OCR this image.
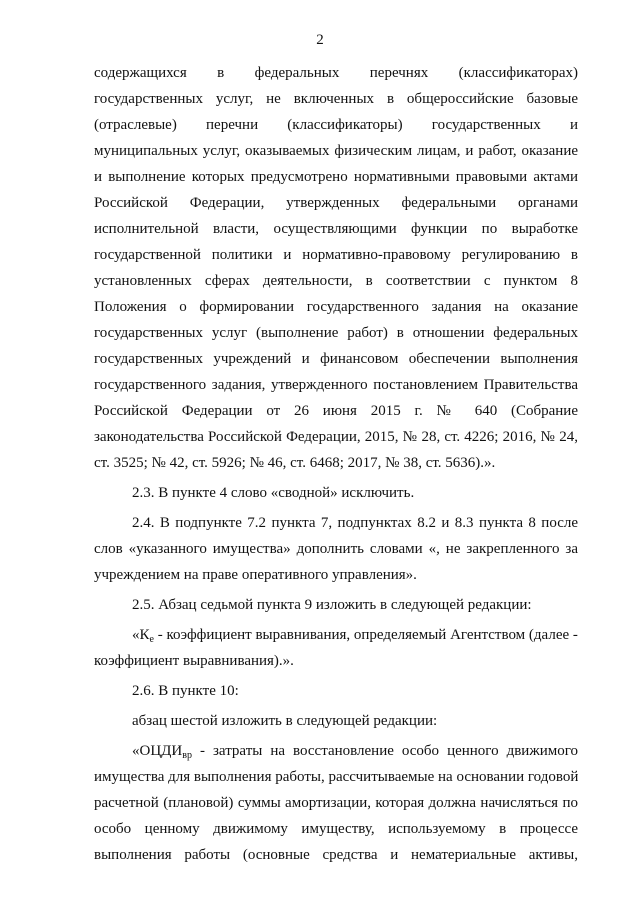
2
содержащихся в федеральных перечнях (классификаторах)
государственных услуг, не включенных в общероссийские базовые
(отраслевые) перечни (классификаторы) государственных и
муниципальных услуг, оказываемых физическим лицам, и работ, оказание
и выполнение которых предусмотрено нормативными правовыми актами
Российской Федерации, утвержденных федеральными органами
исполнительной власти, осуществляющими функции по выработке
государственной политики и нормативно-правовому регулированию в
установленных сферах деятельности, в соответствии с пунктом 8
Положения о формировании государственного задания на оказание
государственных услуг (выполнение работ) в отношении федеральных
государственных учреждений и финансовом обеспечении выполнения
государственного задания, утвержденного постановлением Правительства
Российской Федерации от 26 июня 2015 г. № 640 (Собрание
законодательства Российской Федерации, 2015, № 28, ст. 4226; 2016, № 24,
ст. 3525; № 42, ст. 5926; № 46, ст. 6468; 2017, № 38, ст. 5636).».
2.3. В пункте 4 слово «сводной» исключить.
2.4. В подпункте 7.2 пункта 7, подпунктах 8.2 и 8.3 пункта 8 после
слов «указанного имущества» дополнить словами «, не закрепленного за
учреждением на праве оперативного управления».
2.5. Абзац седьмой пункта 9 изложить в следующей редакции:
«$К_е$ - коэффициент выравнивания, определяемый Агентством (далее -
коэффициент выравнивания).».
2.6. В пункте 10:
абзац шестой изложить в следующей редакции:
«$ОЦДИ_{вр}$ - затраты на восстановление особо ценного движимого
имущества для выполнения работы, рассчитываемые на основании годовой
расчетной (плановой) суммы амортизации, которая должна начисляться по
особо ценному движимому имуществу, используемому в процессе
выполнения работы (основные средства и нематериальные активы,
